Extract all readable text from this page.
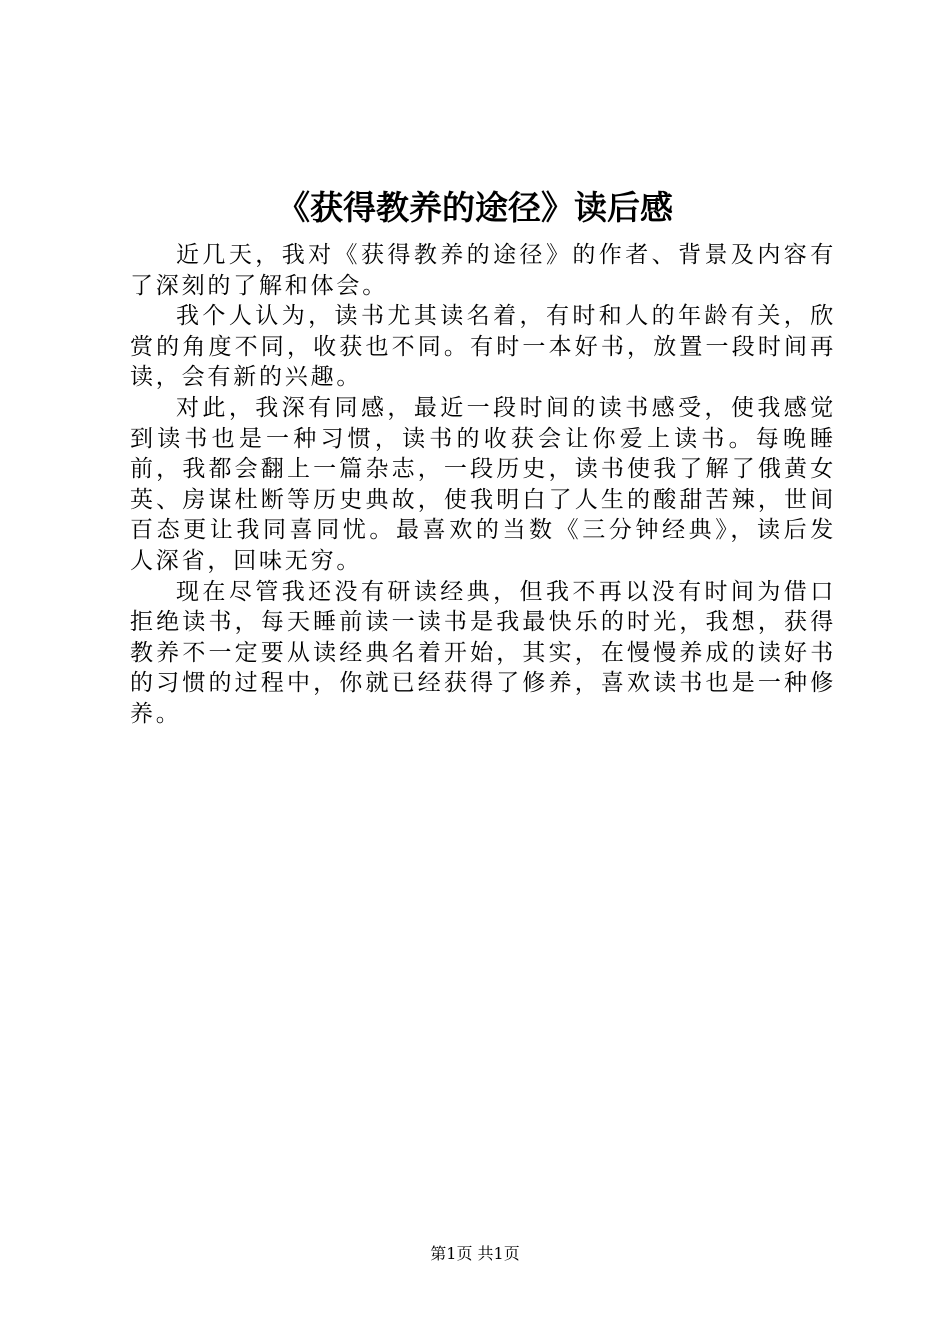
《获得教养的途径》读后感

近几天，我对《获得教养的途径》的作者、背景及内容有了深刻的了解和体会。

我个人认为，读书尤其读名着，有时和人的年龄有关，欣赏的角度不同，收获也不同。有时一本好书，放置一段时间再读，会有新的兴趣。

对此，我深有同感，最近一段时间的读书感受，使我感觉到读书也是一种习惯，读书的收获会让你爱上读书。每晚睡前，我都会翻上一篇杂志，一段历史，读书使我了解了俄黄女英、房谋杜断等历史典故，使我明白了人生的酸甜苦辣，世间百态更让我同喜同忧。最喜欢的当数《三分钟经典》，读后发人深省，回味无穷。

现在尽管我还没有研读经典，但我不再以没有时间为借口拒绝读书，每天睡前读一读书是我最快乐的时光，我想，获得教养不一定要从读经典名着开始，其实，在慢慢养成的读好书的习惯的过程中，你就已经获得了修养，喜欢读书也是一种修养。

第1页 共1页
